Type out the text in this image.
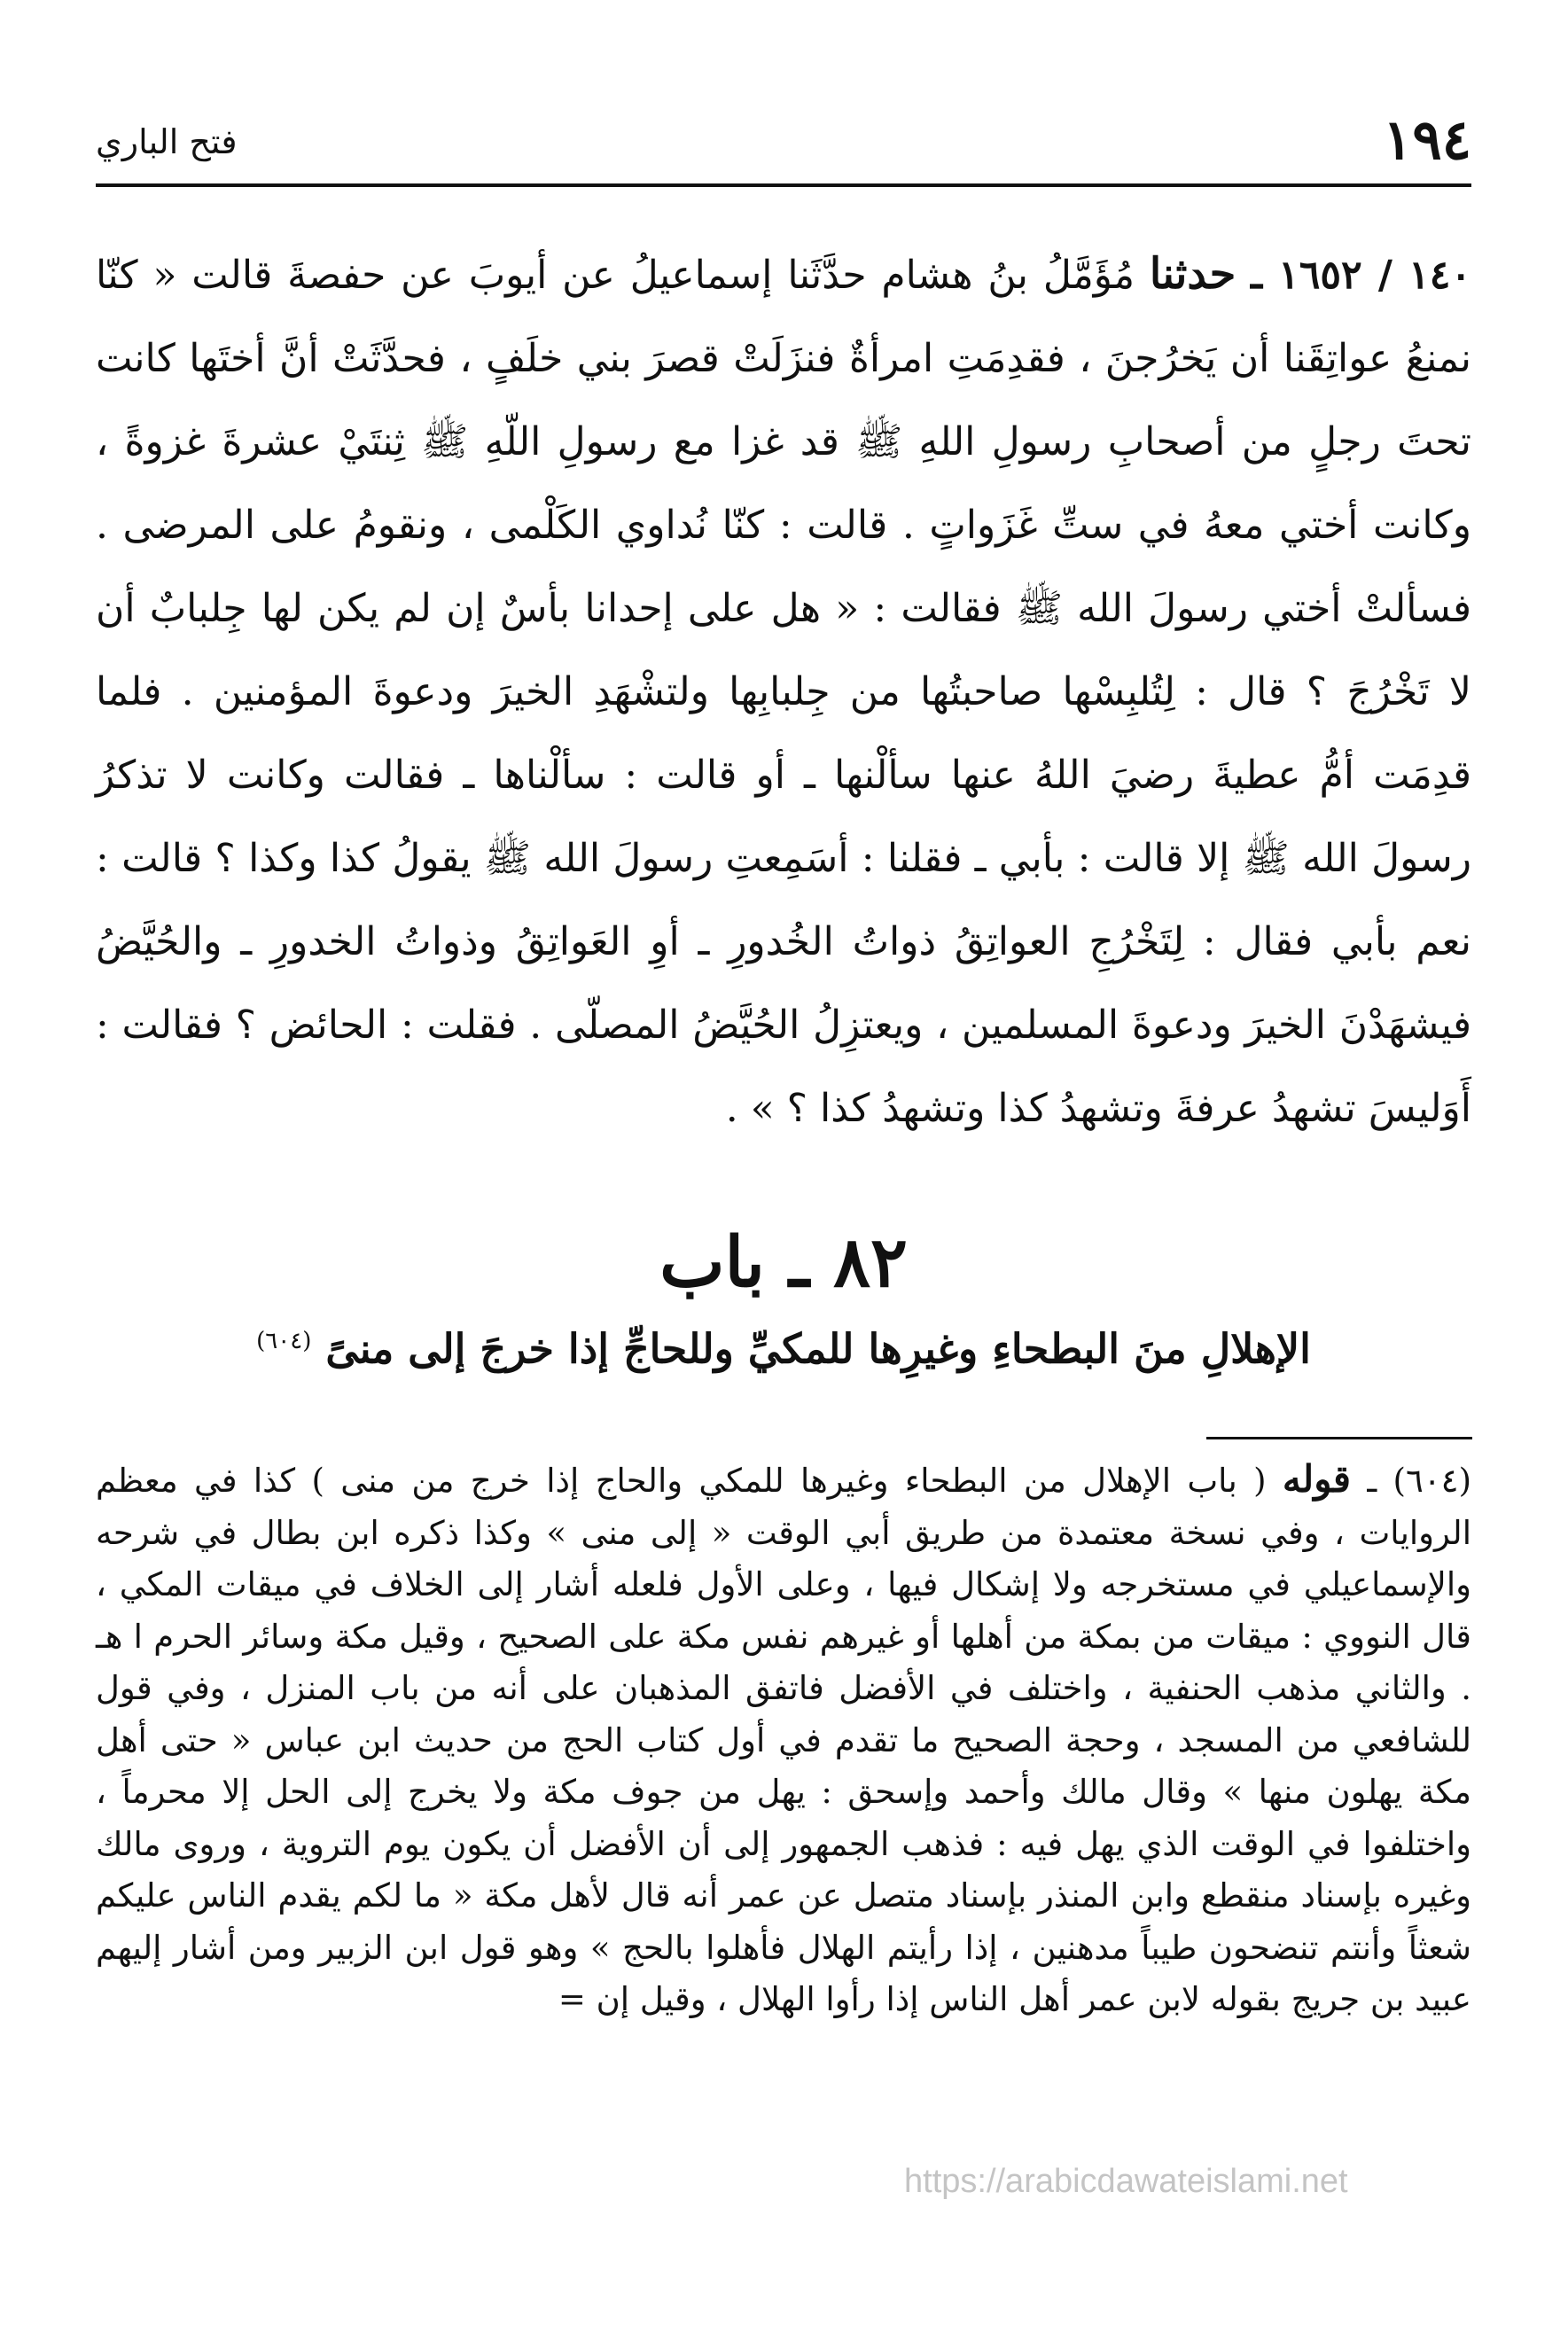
١٩٤
فتح الباري
١٤٠ / ١٦٥٢ ـ حدثنا مُؤَمَّلُ بنُ هشام حدَّثَنا إسماعيلُ عن أيوبَ عن حفصةَ قالت « كنّا نمنعُ عواتِقَنا أن يَخرُجنَ ، فقدِمَتِ امرأةٌ فنزَلَتْ قصرَ بني خلَفٍ ، فحدَّثَتْ أنَّ أختَها كانت تحتَ رجلٍ من أصحابِ رسولِ اللهِ ﷺ قد غزا مع رسولِ اللّهِ ﷺ ثِنتَيْ عشرةَ غزوةً ، وكانت أختي معهُ في ستِّ غَزَواتٍ . قالت : كنّا نُداوي الكَلْمى ، ونقومُ على المرضى . فسألتْ أختي رسولَ الله ﷺ فقالت : « هل على إحدانا بأسٌ إن لم يكن لها جِلبابٌ أن لا تَخْرُجَ ؟ قال : لِتُلبِسْها صاحبتُها من جِلبابِها ولتشْهَدِ الخيرَ ودعوةَ المؤمنين . فلما قدِمَت أمُّ عطيةَ رضيَ اللهُ عنها سألْنها ـ أو قالت : سألْناها ـ فقالت وكانت لا تذكرُ رسولَ الله ﷺ إلا قالت : بأبي ـ فقلنا : أسَمِعتِ رسولَ الله ﷺ يقولُ كذا وكذا ؟ قالت : نعم بأبي فقال : لِتَخْرُجِ العواتِقُ ذواتُ الخُدورِ ـ أوِ العَواتِقُ وذواتُ الخدورِ ـ والحُيَّضُ فيشهَدْنَ الخيرَ ودعوةَ المسلمين ، ويعتزِلُ الحُيَّضُ المصلّى . فقلت : الحائض ؟ فقالت : أَوَليسَ تشهدُ عرفةَ وتشهدُ كذا وتشهدُ كذا ؟ » .
٨٢ ـ باب
الإهلالِ منَ البطحاءِ وغيرِها للمكيِّ وللحاجِّ إذا خرجَ إلى منىً $^{(٦٠٤)}$
(٦٠٤) ـ قوله ( باب الإهلال من البطحاء وغيرها للمكي والحاج إذا خرج من منى ) كذا في معظم الروايات ، وفي نسخة معتمدة من طريق أبي الوقت « إلى منى » وكذا ذكره ابن بطال في شرحه والإسماعيلي في مستخرجه ولا إشكال فيها ، وعلى الأول فلعله أشار إلى الخلاف في ميقات المكي ، قال النووي : ميقات من بمكة من أهلها أو غيرهم نفس مكة على الصحيح ، وقيل مكة وسائر الحرم ا هـ . والثاني مذهب الحنفية ، واختلف في الأفضل فاتفق المذهبان على أنه من باب المنزل ، وفي قول للشافعي من المسجد ، وحجة الصحيح ما تقدم في أول كتاب الحج من حديث ابن عباس « حتى أهل مكة يهلون منها » وقال مالك وأحمد وإسحق : يهل من جوف مكة ولا يخرج إلى الحل إلا محرماً ، واختلفوا في الوقت الذي يهل فيه : فذهب الجمهور إلى أن الأفضل أن يكون يوم التروية ، وروى مالك وغيره بإسناد منقطع وابن المنذر بإسناد متصل عن عمر أنه قال لأهل مكة « ما لكم يقدم الناس عليكم شعثاً وأنتم تنضحون طيباً مدهنين ، إذا رأيتم الهلال فأهلوا بالحج » وهو قول ابن الزبير ومن أشار إليهم عبيد بن جريج بقوله لابن عمر أهل الناس إذا رأوا الهلال ، وقيل إن =
https://arabicdawateislami.net
